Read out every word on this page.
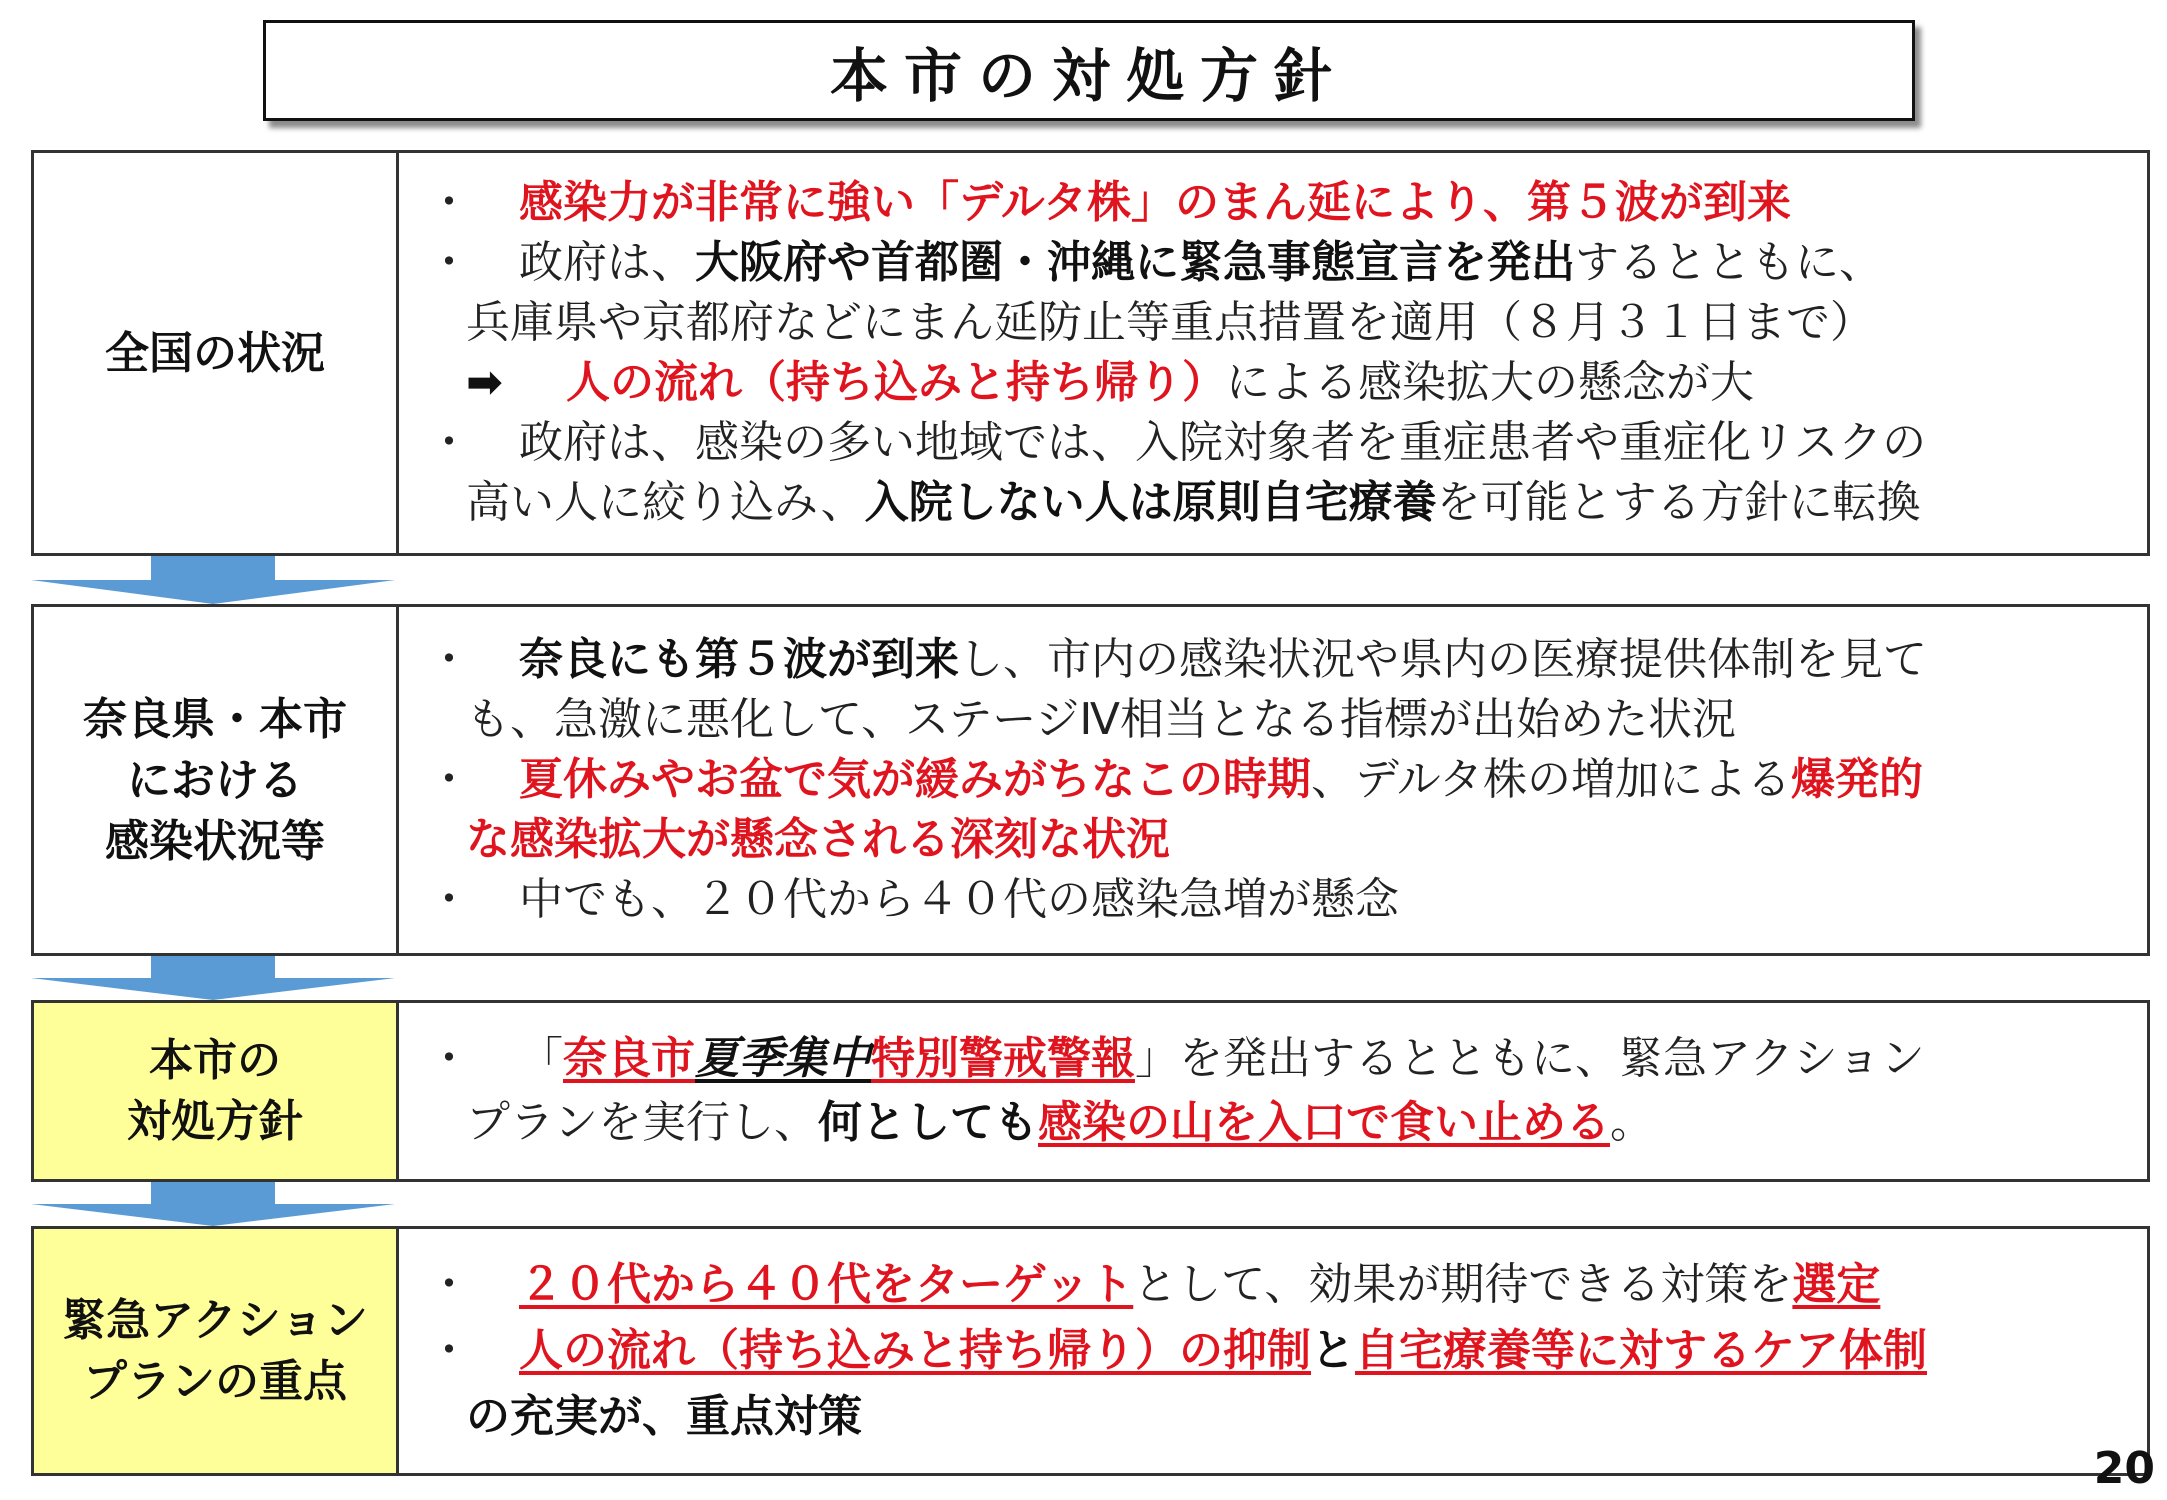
本市の対処方針
全国の状況
・ 感染力が非常に強い「デルタ株」のまん延により、第５波が到来
・ 政府は、大阪府や首都圏・沖縄に緊急事態宣言を発出するとともに、
兵庫県や京都府などにまん延防止等重点措置を適用（８月３１日まで）
➡ 人の流れ（持ち込みと持ち帰り）による感染拡大の懸念が大
・ 政府は、感染の多い地域では、入院対象者を重症患者や重症化リスクの
高い人に絞り込み、入院しない人は原則自宅療養を可能とする方針に転換
奈良県・本市
における
感染状況等
・ 奈良にも第５波が到来し、市内の感染状況や県内の医療提供体制を見て
も、急激に悪化して、ステージⅣ相当となる指標が出始めた状況
・ 夏休みやお盆で気が緩みがちなこの時期、デルタ株の増加による爆発的
な感染拡大が懸念される深刻な状況
・ 中でも、２０代から４０代の感染急増が懸念
本市の
対処方針
・ 「奈良市夏季集中特別警戒警報」を発出するとともに、緊急アクション
プランを実行し、何としても感染の山を入口で食い止める。
緊急アクション
プランの重点
・ ２０代から４０代をターゲットとして、効果が期待できる対策を選定
・ 人の流れ（持ち込みと持ち帰り）の抑制と自宅療養等に対するケア体制
の充実が、重点対策
20
